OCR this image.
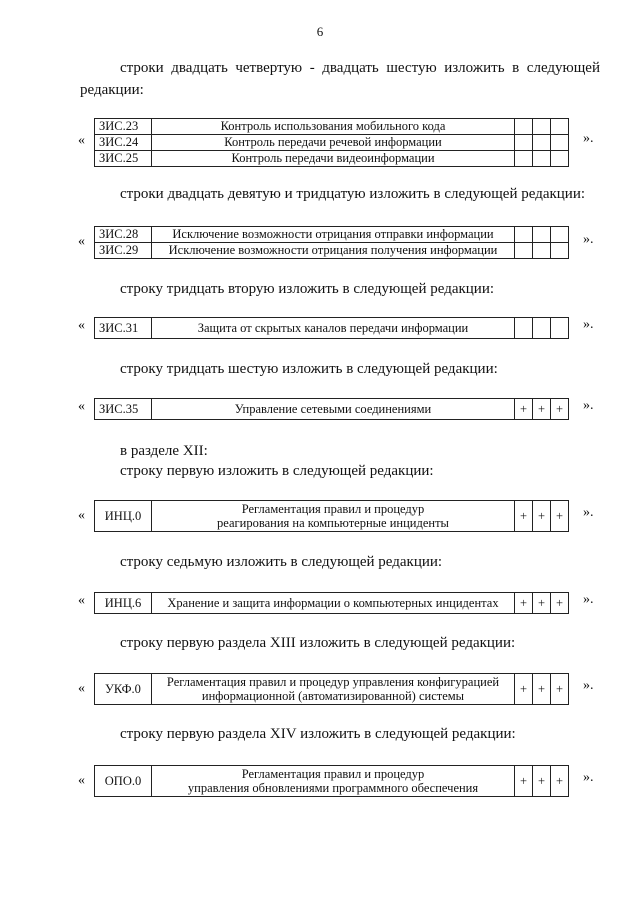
6

строки двадцать четвертую - двадцать шестую изложить в следующей редакции:

«
ЗИС.23	Контроль использования мобильного кода			
ЗИС.24	Контроль передачи речевой информации			
ЗИС.25	Контроль передачи видеоинформации			
».

строки двадцать девятую и тридцатую изложить в следующей редакции:

« ЗИС.28	Исключение возможности отрицания отправки информации			
ЗИС.29	Исключение возможности отрицания получения информации			
».

строку тридцать вторую изложить в следующей редакции:

« ЗИС.31	Защита от скрытых каналов передачи информации				».

строку тридцать шестую изложить в следующей редакции:

« ЗИС.35	Управление сетевыми соединениями	+	+	+ ».

в разделе XII:

строку первую изложить в следующей редакции:

« ИНЦ.0	Регламентация правил и процедур
реагирования на компьютерные инциденты	+	+	+ ».

строку седьмую изложить в следующей редакции:

« ИНЦ.6	Хранение и защита информации о компьютерных инцидентах	+	+	+ ».

строку первую раздела XIII изложить в следующей редакции:

« УКФ.0	Регламентация правил и процедур управления конфигурацией
информационной (автоматизированной) системы	+	+	+ ».

строку первую раздела XIV изложить в следующей редакции:

« ОПО.0	Регламентация правил и процедур
управления обновлениями программного обеспечения	+	+	+ ».
